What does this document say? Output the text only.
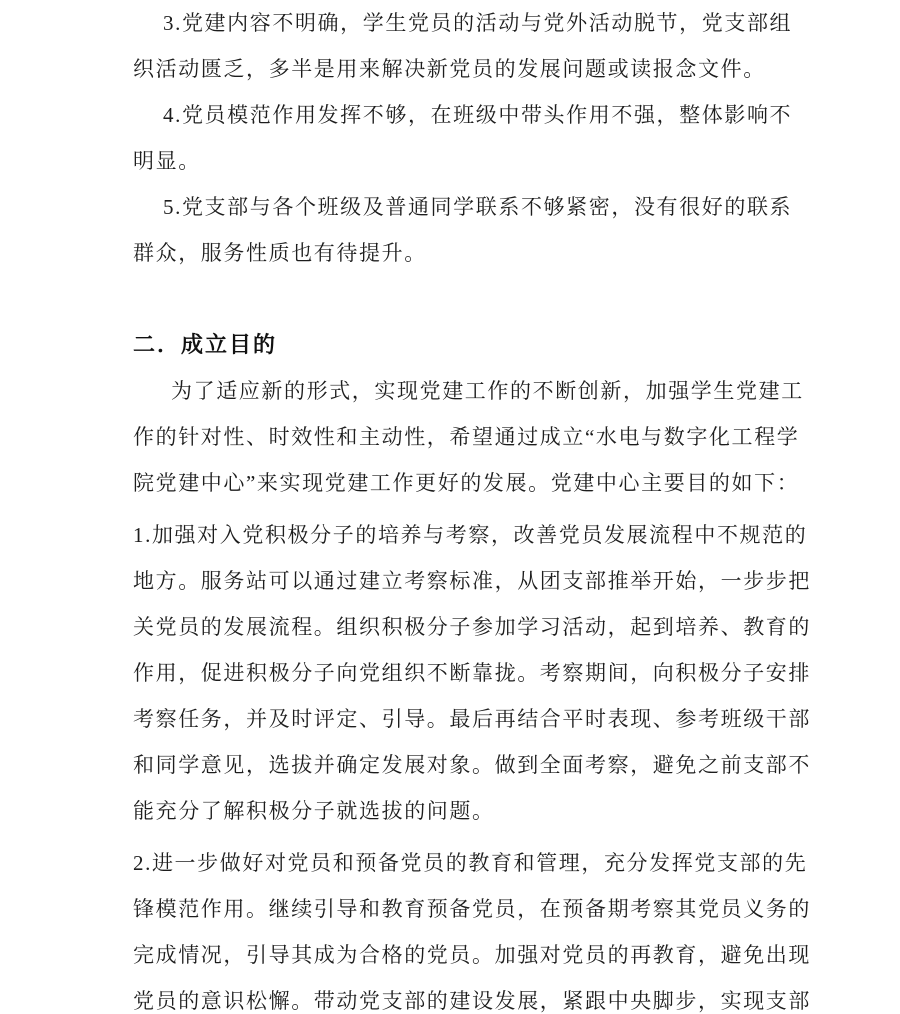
3.党建内容不明确，学生党员的活动与党外活动脱节，党支部组
织活动匮乏，多半是用来解决新党员的发展问题或读报念文件。
4.党员模范作用发挥不够，在班级中带头作用不强，整体影响不
明显。
5.党支部与各个班级及普通同学联系不够紧密，没有很好的联系
群众，服务性质也有待提升。
二．成立目的
为了适应新的形式，实现党建工作的不断创新，加强学生党建工
作的针对性、时效性和主动性，希望通过成立“水电与数字化工程学
院党建中心”来实现党建工作更好的发展。党建中心主要目的如下：
1.加强对入党积极分子的培养与考察，改善党员发展流程中不规范的
地方。服务站可以通过建立考察标准，从团支部推举开始，一步步把
关党员的发展流程。组织积极分子参加学习活动，起到培养、教育的
作用，促进积极分子向党组织不断靠拢。考察期间，向积极分子安排
考察任务，并及时评定、引导。最后再结合平时表现、参考班级干部
和同学意见，选拔并确定发展对象。做到全面考察，避免之前支部不
能充分了解积极分子就选拔的问题。
2.进一步做好对党员和预备党员的教育和管理，充分发挥党支部的先
锋模范作用。继续引导和教育预备党员，在预备期考察其党员义务的
完成情况，引导其成为合格的党员。加强对党员的再教育，避免出现
党员的意识松懈。带动党支部的建设发展，紧跟中央脚步，实现支部
